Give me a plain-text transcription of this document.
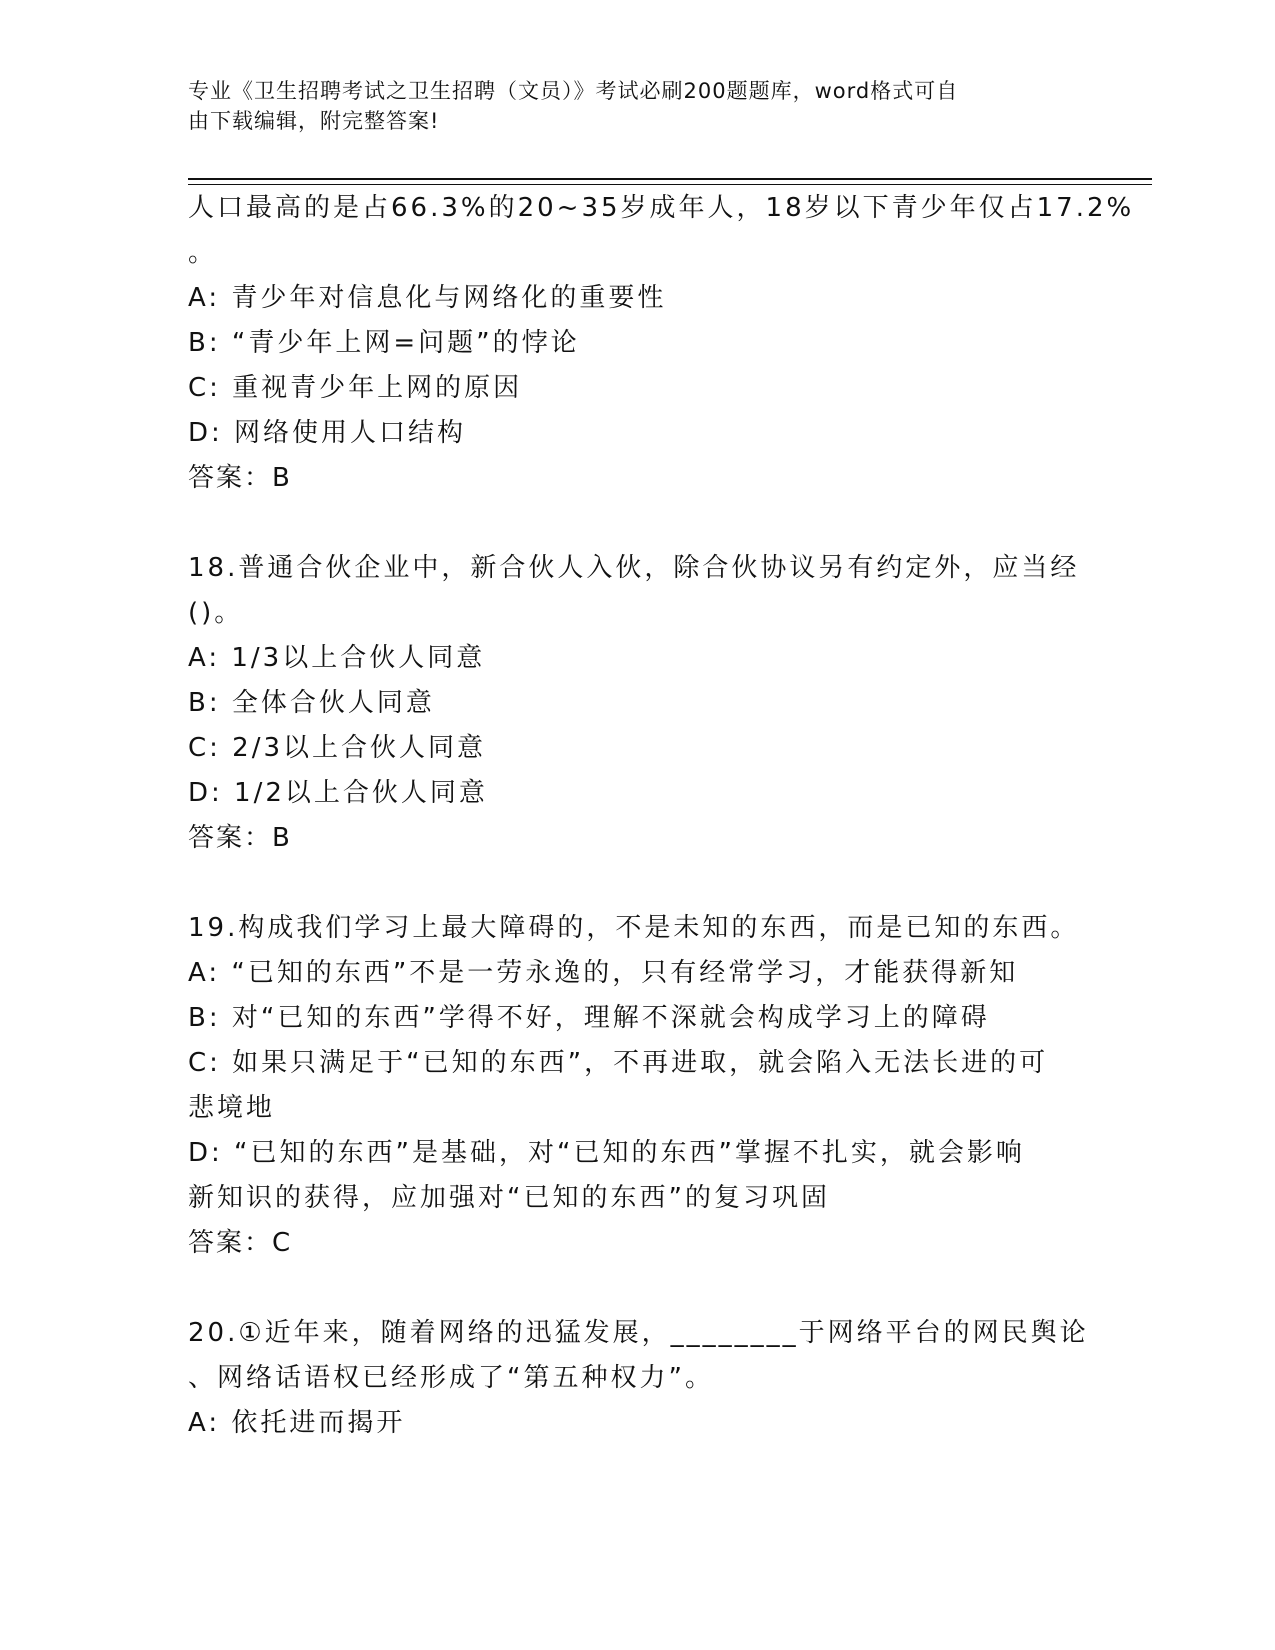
专业《卫生招聘考试之卫生招聘（文员）》考试必刷200题题库，word格式可自
由下载编辑，附完整答案!
人口最高的是占66.3%的20~35岁成年人，18岁以下青少年仅占17.2%
。
A: 青少年对信息化与网络化的重要性
B: “青少年上网=问题”的悖论
C: 重视青少年上网的原因
D: 网络使用人口结构
答案：B
18.普通合伙企业中，新合伙人入伙，除合伙协议另有约定外，应当经
()。
A: 1/3以上合伙人同意
B: 全体合伙人同意
C: 2/3以上合伙人同意
D: 1/2以上合伙人同意
答案：B
19.构成我们学习上最大障碍的，不是未知的东西，而是已知的东西。
A: “已知的东西”不是一劳永逸的，只有经常学习，才能获得新知
B: 对“已知的东西”学得不好，理解不深就会构成学习上的障碍
C: 如果只满足于“已知的东西”，不再进取，就会陷入无法长进的可
悲境地
D: “已知的东西”是基础，对“已知的东西”掌握不扎实，就会影响
新知识的获得，应加强对“已知的东西”的复习巩固
答案：C
20.①近年来，随着网络的迅猛发展，________于网络平台的网民舆论
、网络话语权已经形成了“第五种权力”。
A: 依托进而揭开
